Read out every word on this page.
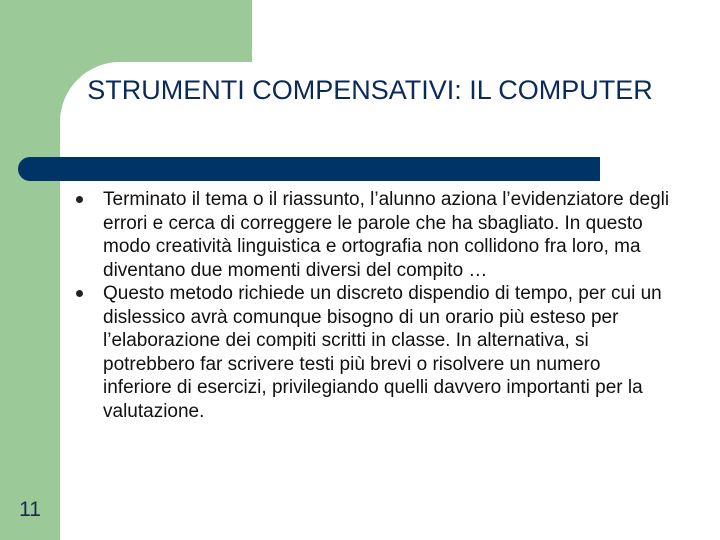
STRUMENTI COMPENSATIVI: IL COMPUTER
Terminato il tema o il riassunto, l’alunno aziona l’evidenziatore degli errori e cerca di correggere le parole che ha sbagliato. In questo modo creatività linguistica e ortografia non collidono fra loro, ma diventano due momenti diversi del compito …
Questo metodo richiede un discreto dispendio di tempo, per cui un dislessico avrà comunque bisogno di un orario più esteso per l’elaborazione dei compiti scritti in classe. In alternativa, si potrebbero far scrivere testi più brevi o risolvere un numero inferiore di esercizi, privilegiando quelli davvero importanti per la valutazione.
11
